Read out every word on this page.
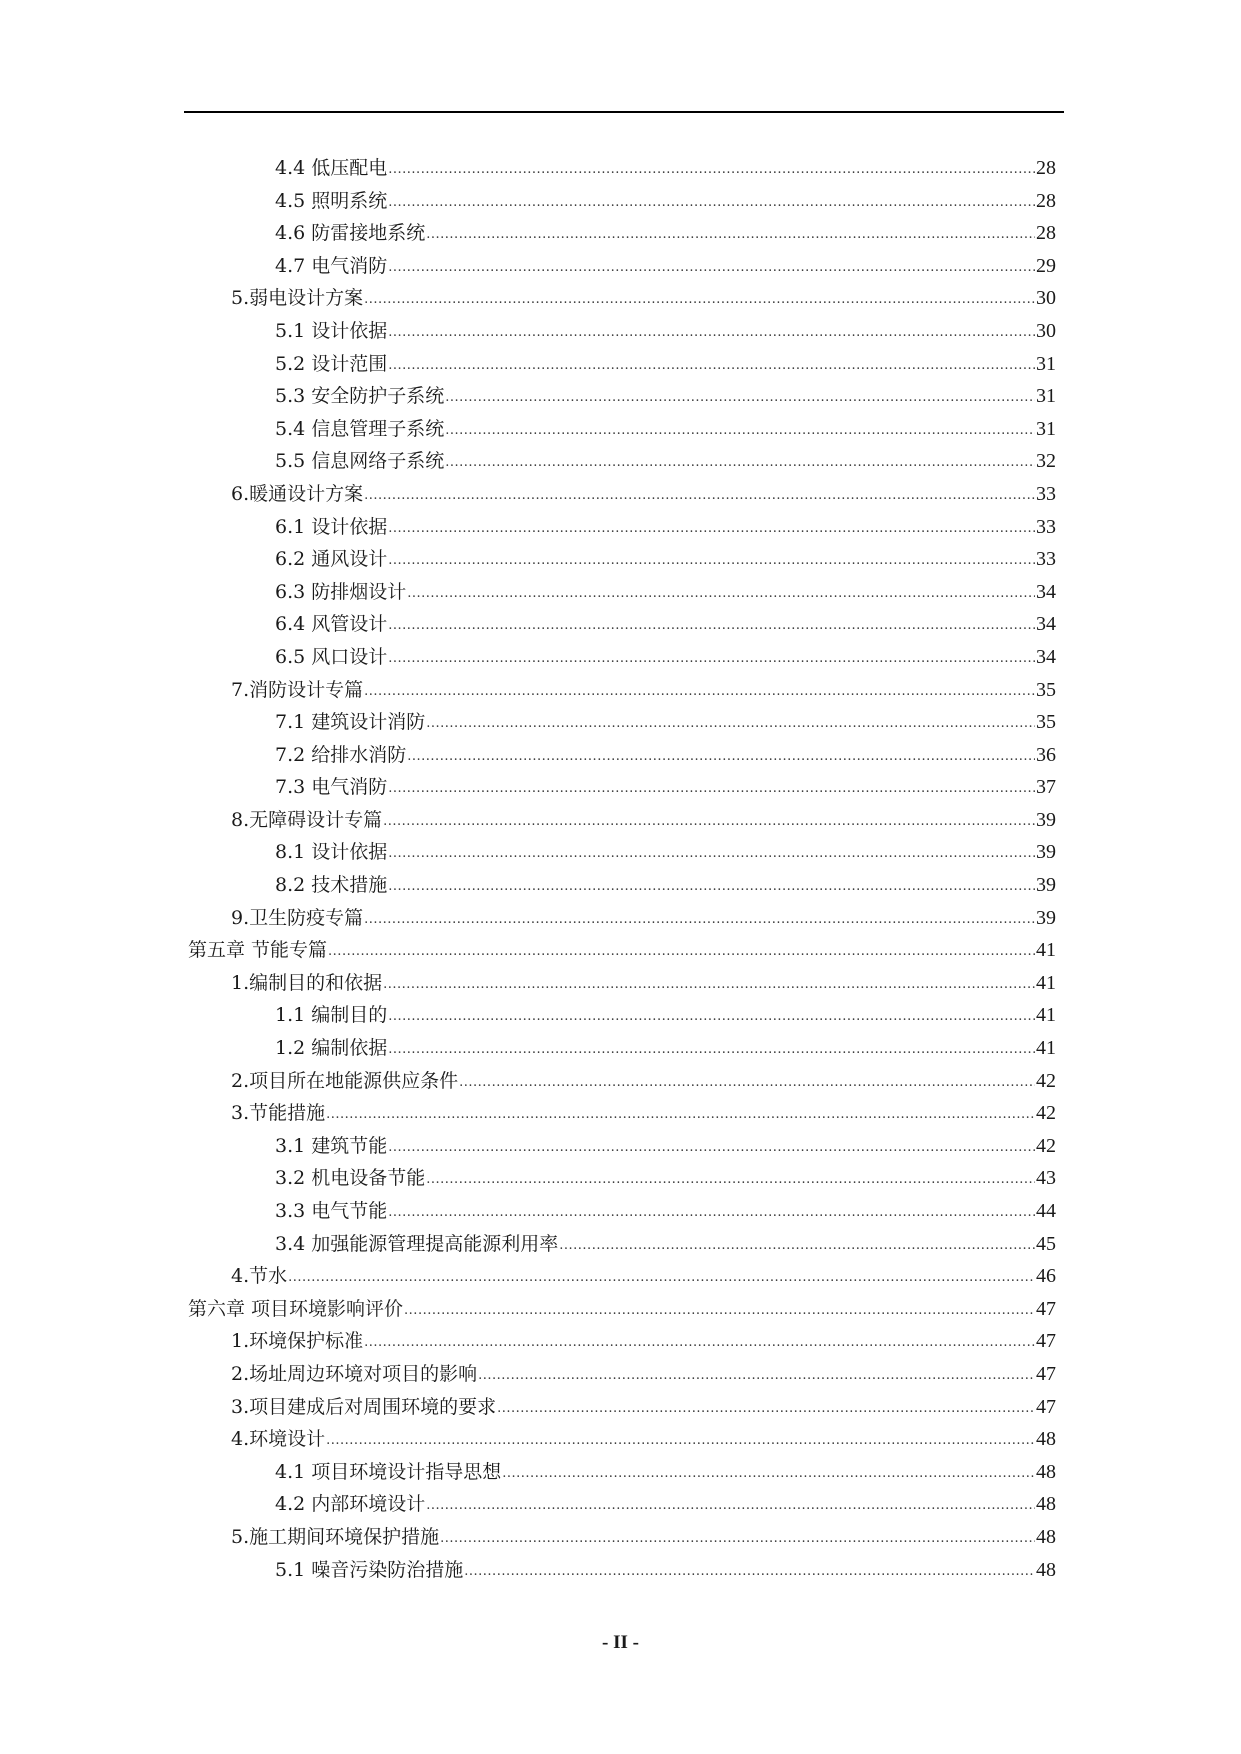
4.4 低压配电 .....	28
4.5 照明系统 .....	28
4.6 防雷接地系统 .....	28
4.7 电气消防 .....	29
5.弱电设计方案 .....	30
5.1 设计依据 .....	30
5.2 设计范围 .....	31
5.3 安全防护子系统 .....	31
5.4 信息管理子系统 .....	31
5.5 信息网络子系统 .....	32
6.暖通设计方案 .....	33
6.1 设计依据 .....	33
6.2 通风设计 .....	33
6.3 防排烟设计 .....	34
6.4 风管设计 .....	34
6.5 风口设计 .....	34
7.消防设计专篇 .....	35
7.1 建筑设计消防 .....	35
7.2 给排水消防 .....	36
7.3 电气消防 .....	37
8.无障碍设计专篇 .....	39
8.1 设计依据 .....	39
8.2 技术措施 .....	39
9.卫生防疫专篇 .....	39
第五章 节能专篇 .....	41
1.编制目的和依据 .....	41
1.1 编制目的 .....	41
1.2 编制依据 .....	41
2.项目所在地能源供应条件 .....	42
3.节能措施 .....	42
3.1 建筑节能 .....	42
3.2 机电设备节能 .....	43
3.3 电气节能 .....	44
3.4 加强能源管理提高能源利用率 .....	45
4.节水 .....	46
第六章 项目环境影响评价 .....	47
1.环境保护标准 .....	47
2.场址周边环境对项目的影响 .....	47
3.项目建成后对周围环境的要求 .....	47
4.环境设计 .....	48
4.1 项目环境设计指导思想 .....	48
4.2 内部环境设计 .....	48
5.施工期间环境保护措施 .....	48
5.1 噪音污染防治措施 .....	48
- II -
